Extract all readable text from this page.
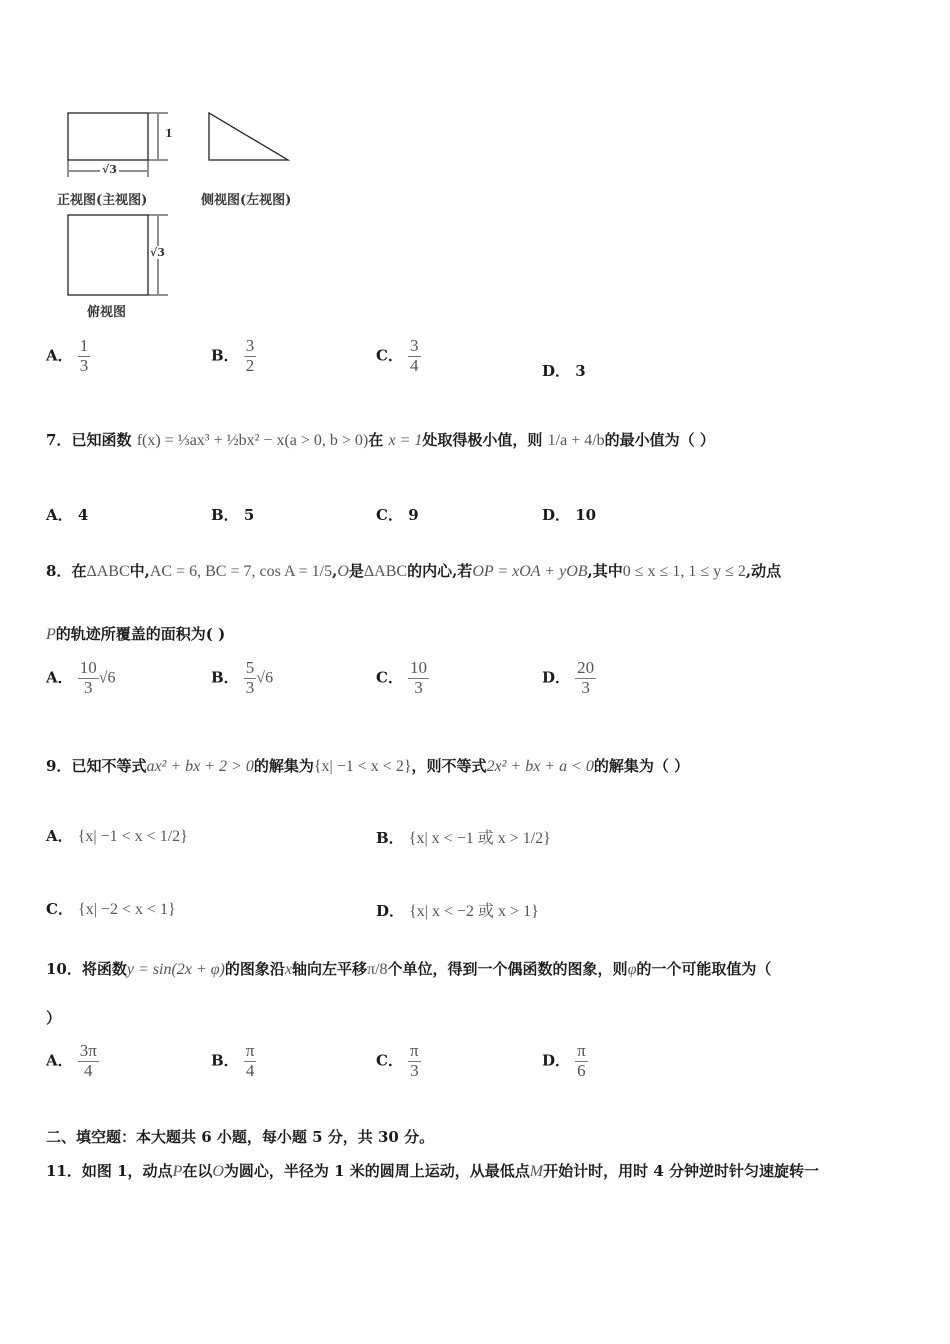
1
√3
√3
正视图(主视图)	侧视图(左视图)
俯视图
A． $\frac{1}{3}$	B． $\frac{3}{2}$	C． $\frac{3}{4}$	D． 3
7．已知函数 f(x) = ⅓ax³ + ½bx² − x(a > 0, b > 0)在 x = 1处取得极小值，则 1/a + 4/b的最小值为（ ）
A． 4	B． 5	C． 9	D． 10
8．在ΔABC中,AC = 6, BC = 7, cos A = 1/5,O是ΔABC的内心,若OP = xOA + yOB,其中0 ≤ x ≤ 1, 1 ≤ y ≤ 2,动点
P的轨迹所覆盖的面积为( )
A． $\frac{10}{3} √6$	B． $\frac{5}{3} √6$	C． $\frac{10}{3}$	D． $\frac{20}{3}$
9．已知不等式ax² + bx + 2 > 0的解集为{x| −1 < x < 2}，则不等式2x² + bx + a < 0的解集为（ ）
A． {x| −1 < x < 1/2}	B． {x| x < −1 或 x > 1/2}
C． {x| −2 < x < 1}	D． {x| x < −2 或 x > 1}
10．将函数y = sin(2x + φ)的图象沿x轴向左平移π/8个单位，得到一个偶函数的图象，则φ的一个可能取值为（
）
A． $\frac{3\pi}{4}$	B． $\frac{\pi}{4}$	C． $\frac{\pi}{3}$	D． $\frac{\pi}{6}$
二、填空题：本大题共 6 小题，每小题 5 分，共 30 分。
11．如图 1，动点P在以O为圆心，半径为 1 米的圆周上运动，从最低点M开始计时，用时 4 分钟逆时针匀速旋转一
